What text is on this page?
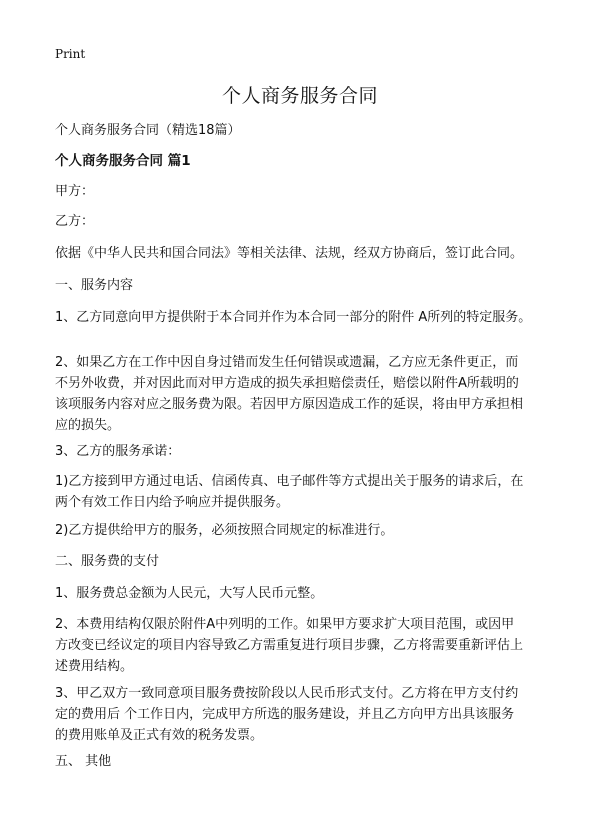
Print
个人商务服务合同

个人商务服务合同（精选18篇）

个人商务服务合同 篇1

甲方：

乙方：

依据《中华人民共和国合同法》等相关法律、法规，经双方协商后，签订此合同。

一、服务内容

1、乙方同意向甲方提供附于本合同并作为本合同一部分的附件 A所列的特定服务。

2、如果乙方在工作中因自身过错而发生任何错误或遗漏，乙方应无条件更正，而
不另外收费，并对因此而对甲方造成的损失承担赔偿责任，赔偿以附件A所载明的
该项服务内容对应之服务费为限。若因甲方原因造成工作的延误，将由甲方承担相
应的损失。

3、乙方的服务承诺：

1)乙方接到甲方通过电话、信函传真、电子邮件等方式提出关于服务的请求后，在
两个有效工作日内给予响应并提供服务。

2)乙方提供给甲方的服务，必须按照合同规定的标准进行。

二、服务费的支付

1、服务费总金额为人民元，大写人民币元整。

2、本费用结构仅限於附件A中列明的工作。如果甲方要求扩大项目范围，或因甲
方改变已经议定的项目内容导致乙方需重复进行项目步骤，乙方将需要重新评估上
述费用结构。
3、甲乙双方一致同意项目服务费按阶段以人民币形式支付。乙方将在甲方支付约
定的费用后 个工作日内，完成甲方所选的服务建设，并且乙方向甲方出具该服务
的费用账单及正式有效的税务发票。

五、 其他
